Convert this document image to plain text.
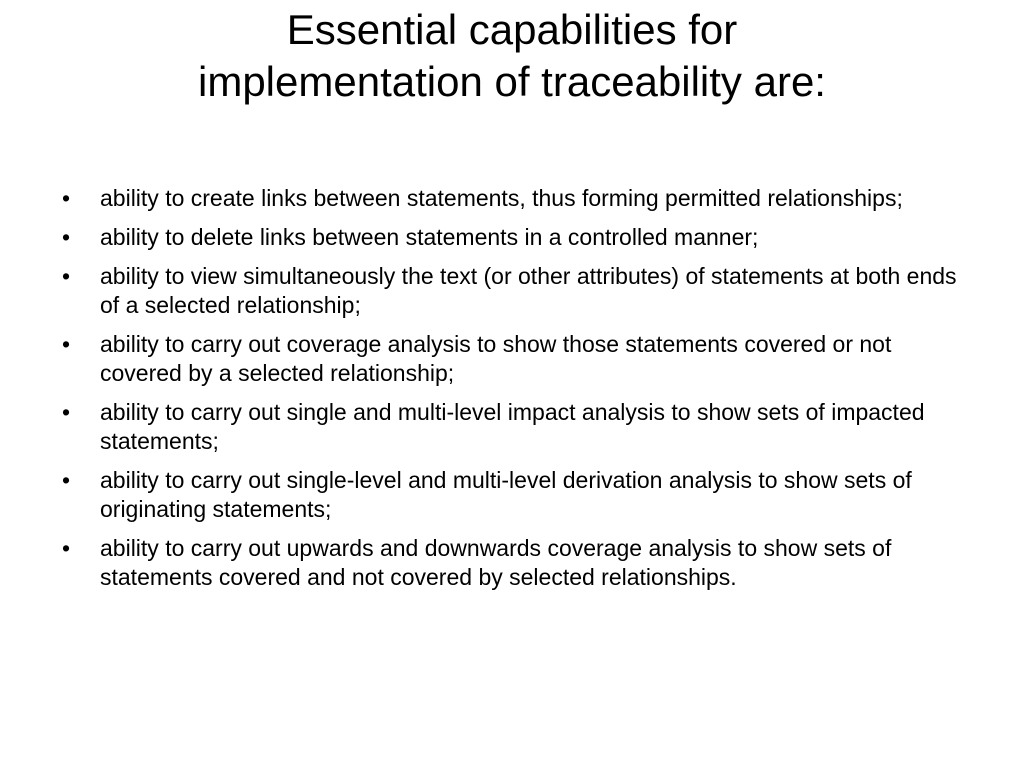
Essential capabilities for
implementation of traceability are:
•	ability to create links between statements, thus forming permitted relationships;
•	ability to delete links between statements in a controlled manner;
•	ability to view simultaneously the text (or other attributes) of statements at both ends of a selected relationship;
•	ability to carry out coverage analysis to show those statements covered or not covered by a selected relationship;
•	ability to carry out single and multi-level impact analysis to show sets of impacted statements;
•	ability to carry out single-level and multi-level derivation analysis to show sets of originating statements;
•	ability to carry out upwards and downwards coverage analysis to show sets of statements covered and not covered by selected relationships.
